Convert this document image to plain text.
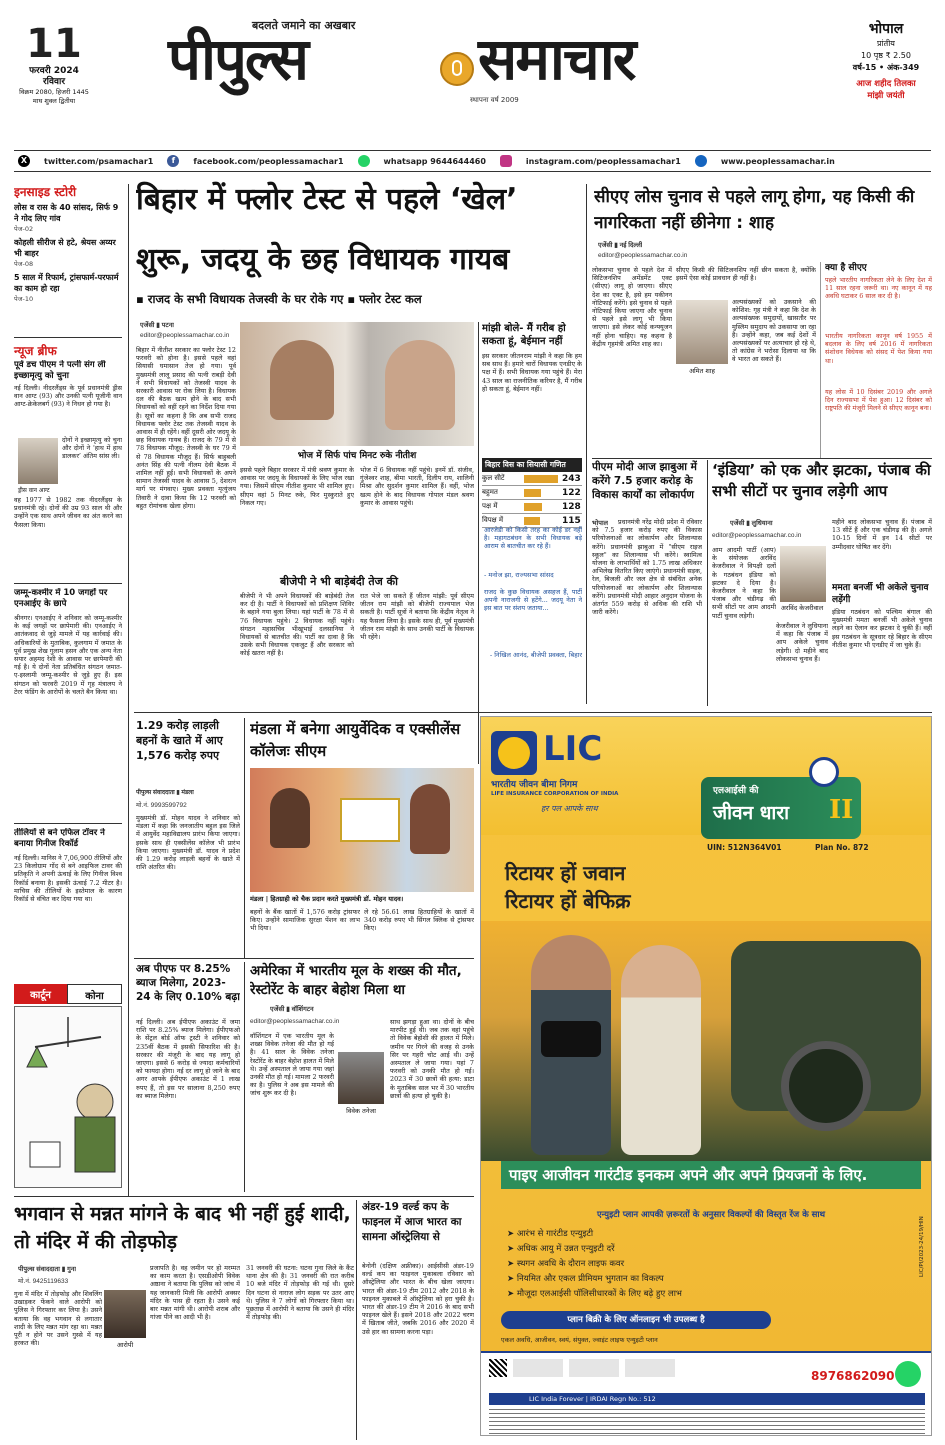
11
फरवरी 2024
रविवार
विक्रम 2080, हिजरी 1445
माघ शुक्ल द्वितीया
बदलते जमाने का अखबार
पीपुल्स	समाचार
स्थापना वर्ष 2009
भोपाल
प्रांतीय
10 पृष्ठ ₹ 2.50
वर्ष-15 • अंक-349
आज शहीद तिलका
मांझी जयंती
X	twitter.com/psamachar1	f	facebook.com/peoplessamachar1	whatsapp 9644644460	instagram.com/peoplessamachar1	www.peoplessamachar.in
इनसाइड स्टोरी
लोस व रास के 40 सांसद, सिर्फ 9 ने गोद लिए गांव
पेज-02
कोहली सीरीज से हटे, श्रेयस अय्यर भी बाहर
पेज-08
5 साल में रिफार्म, ट्रांसफार्म-परफार्म का काम हो रहा
पेज-10
न्यूज ब्रीफ
पूर्व डच पीएम ने पत्नी संग ली इच्छामृत्यु को चुना
ड्रीस वान आग्ट

नई दिल्ली। नीदरलैंड्स के पूर्व प्रधानमंत्री ड्रीस वान आग्ट (93) और उनकी पत्नी यूजीनी वान आग्ट-क्रेकेलबर्ग (93) ने निधन हो गया है।

दोनों ने इच्छामृत्यु को चुना और दोनों ने ‘हाथ में हाथ डालकर’ अंतिम सांस ली।

वह 1977 से 1982 तक नीदरलैंड्स के प्रधानमंत्री रहे। दोनों की उम्र 93 साल थी और उन्होंने एक साथ अपने जीवन का अंत करने का फैसला किया।

जम्मू-कश्मीर में 10 जगहों पर एनआईए के छापे

श्रीनगर। एनआईए ने शनिवार को जम्मू-कश्मीर के कई जगहों पर छापेमारी की। एनआईए ने आतंकवाद से जुड़े मामले में यह कार्रवाई की। अधिकारियों के मुताबिक, कुलगाम में जमात के पूर्व प्रमुख शेख गुलाम हसन और एक अन्य नेता सयार अहमद रेशी के आवास पर छापेमारी की गई है। ये दोनों नेता प्रतिबंधित संगठन जमात-ए-इस्लामी जम्मू-कश्मीर से जुड़े हुए हैं। इस संगठन को फरवरी 2019 में गृह मंत्रालय ने टेरर फंडिंग के आरोपों के चलते बैन किया था।

तीलियों से बने एफिल टॉवर ने बनाया गिनीज रिकॉर्ड

नई दिल्ली। मानिस ने 7,06,900 तीलियों और 23 किलोग्राम गोंद से बने आइफिल टावर की प्रतिकृति ने अपनी ऊंचाई के लिए गिनीज विश्व रिकॉर्ड बनाया है। इसकी ऊंचाई 7.2 मीटर है। माचिस की तीलियों के इस्तेमाल के कारण रिकॉर्ड से वंचित कर दिया गया था।

कार्टून	कोना
बिहार में फ्लोर टेस्ट से पहले ‘खेल’
शुरू, जदयू के छह विधायक गायब
▪ राजद के सभी विधायक तेजस्वी के घर रोके गए ▪ फ्लोर टेस्ट कल
एजेंसी ▮ पटना
editor@peoplessamachar.co.in

बिहार में नीतीश सरकार का फ्लोर टेस्ट 12 फरवरी को होना है। इससे पहले वहां सियासी घमासान तेज हो गया। पूर्व मुख्यमंत्री लालू प्रसाद की पत्नी राबड़ी देवी ने सभी विधायकों को तेजस्वी यादव के सरकारी आवास पर रोक लिया है। विधायक दल की बैठक खत्म होने के बाद सभी विधायकों को वहीं रहने का निर्देश दिया गया है। सूत्रों का कहना है कि अब सभी राजद विधायक फ्लोर टेस्ट तक तेजस्वी यादव के आवास में ही रहेंगे। वहीं दूसरी ओर जदयू के छह विधायक गायब हैं। राजद के 79 में से 78 विधायक मौजूद: तेजस्वी के घर 79 में से 78 विधायक मौजूद हैं। सिर्फ बाहुबली अनंत सिंह की पत्नी नीलम देवी बैठक में शामिल नहीं हुईं। सभी विधायकों के अपने सामान तेजस्वी यादव के आवास 5, देशरत्न मार्ग पर मंगवाए। मुख्य प्रवक्ता मृत्युंजय तिवारी ने दावा किया कि 12 फरवरी को बहुत रोमांचक खेला होगा।

भोज में सिर्फ पांच मिनट रुके नीतीश

इससे पहले बिहार सरकार में मंत्री श्रवण कुमार के आवास पर जदयू के विधायकों के लिए भोज रखा गया। जिसमें सीएम नीतीश कुमार भी शामिल हुए। सीएम वहां 5 मिनट रुके, फिर मुस्कुराते हुए निकल गए।

भोज में 6 विधायक नहीं पहुंचे। इनमें डॉ. संजीव, गुंजेश्वर शाह, बीमा भारती, दिलीप राय, शालिनी मिश्रा और सुदर्शन कुमार शामिल हैं। वहीं, भोज खत्म होने के बाद विधायक गोपाल मंडल श्रवण कुमार के आवास पहुंचे।

बीजेपी ने भी बाड़ेबंदी तेज की

बीजेपी ने भी अपने विधायकों की बाड़ेबंदी तेज कर दी है। पार्टी ने विधायकों को प्रशिक्षण शिविर के बहाने गया बुला लिया। यहां पार्टी के 78 में से 76 विधायक पहुंचे। 2 विधायक नहीं पहुंचे। संगठन महासचिव भीखूभाई दलसानिया ने विधायकों से बातचीत की। पार्टी का दावा है कि उसके सभी विधायक एकजुट हैं और सरकार को कोई खतरा नहीं है।

रात भेजे जा सकते हैं जीतन मांझी: पूर्व सीएम जीतन राम मांझी को बीजेपी राज्यपाल भेज सकती है। पार्टी सूत्रों ने बताया कि केंद्रीय नेतृत्व ने यह फैसला लिया है। इसके साथ ही, पूर्व मुख्यमंत्री जीतन राम मांझी के साथ उनकी पार्टी के विधायक भी रहेंगे।

मांझी बोले- मैं गरीब हो सकता हूं, बेईमान नहीं

इस सरकार जीतनराम मांझी ने कहा कि हम सब साथ हैं। हमारे चारों विधायक एनडीए के पक्ष में हैं। सभी विधायक गया पहुंचे हैं। मेरा 43 साल का राजनीतिक करियर है, मैं गरीब हो सकता हूं, बेईमान नहीं।

बिहार विस का सियासी गणित
कुल सीटें	243
बहुमत	122
पक्ष में	128
विपक्ष में	115

आरजेडी को किसी तरह का कोई डर नहीं है। महागठबंधन के सभी विधायक बड़े आराम से बातचीत कर रहे हैं।

- मनोज झा, राज्यसभा सांसद

राजद के कुछ विधायक असहज हैं, पार्टी अपनी नाराजगी से हटेंगे... जदयू नेता ने इस बात पर संशय जताया...

- निखिल आनंद, बीजेपी प्रवक्ता, बिहार
सीएए लोस चुनाव से पहले लागू होगा, यह किसी की नागरिकता नहीं छीनेगा : शाह
एजेंसी ▮ नई दिल्ली
editor@peoplessamachar.co.in

लोकसभा चुनाव से पहले देश में सिटिजनशिप अमेंडमेंट एक्ट (सीएए) लागू हो जाएगा। सीएए देश का एक्ट है, इसे हम यकीनन नोटिफाई करेंगे। इसे चुनाव से पहले नोटिफाई किया जाएगा और चुनाव से पहले इसे लागू भी किया जाएगा। इसे लेकर कोई कन्फ्यूजन नहीं होना चाहिए। यह कहना है केंद्रीय गृहमंत्री अमित शाह का।

अमित शाह

सीएए किसी की सिटिजनशिप नहीं छीन सकता है, क्योंकि इसमें ऐसा कोई प्रावधान ही नहीं है।

अल्पसंख्यकों को उकसाने की कोशिश: गृह मंत्री ने कहा कि देश के अल्पसंख्यक समुदायों, खासतौर पर मुस्लिम समुदाय को उकसाया जा रहा है। उन्होंने कहा, जब कई देशों में अल्पसंख्यकों पर अत्याचार हो रहे थे, तो कांग्रेस ने भरोसा दिलाया था कि वे भारत आ सकते हैं।

क्या है सीएए

पहले भारतीय नागरिकता लेने के लिए देश में 11 साल रहना जरूरी था। नए कानून में यह अवधि घटाकर 6 साल कर दी है।

भारतीय नागरिकता कानून वर्ष 1955 में बदलाव के लिए वर्ष 2016 में नागरिकता संशोधन विधेयक को संसद में पेश किया गया था।

यह लोस में 10 दिसंबर 2019 और अगले दिन राज्यसभा में पेश हुआ। 12 दिसंबर को राष्ट्रपति की मंजूरी मिलने से सीएए कानून बना।

पीएम मोदी आज झाबुआ में करेंगे 7.5 हजार करोड़ के विकास कार्यों का लोकार्पण
भोपाल	प्रधानमंत्री नरेंद्र मोदी प्रदेश में रविवार को 7.5 हजार करोड़ रुपए की विकास परियोजनाओं का लोकार्पण और शिलान्यास करेंगे। प्रधानमंत्री झाबुआ में "सीएम राइज स्कूल" का शिलान्यास भी करेंगे। स्वामित्व योजना के लाभार्थियों को 1.75 लाख अधिकार अभिलेख वितरित किए जाएंगे। प्रधानमंत्री सड़क, रेल, बिजली और जल क्षेत्र से संबंधित अनेक परियोजनाओं का लोकार्पण और शिलान्यास करेंगे। प्रधानमंत्री मोदी आहार अनुदान योजना के अंतर्गत 559 करोड़ से अधिक की राशि भी जारी करेंगे।

‘इंडिया’ को एक और झटका, पंजाब की सभी सीटों पर चुनाव लड़ेगी आप
एजेंसी ▮ लुधियाना
editor@peoplessamachar.co.in

आम आदमी पार्टी (आप) के संयोजक अरविंद केजरीवाल ने विपक्षी दलों के गठबंधन इंडिया को झटका दे दिया है। केजरीवाल ने कहा कि पंजाब और चंडीगढ़ की सभी सीटों पर आम आदमी पार्टी चुनाव लड़ेगी।

अरविंद केजरीवाल

केजरीवाल ने लुधियाना में कहा कि पंजाब में आप अकेले चुनाव लड़ेगी। दो महीने बाद लोकसभा चुनाव हैं।

महीने बाद लोकसभा चुनाव हैं। पंजाब में 13 सीटें हैं और एक चंडीगढ़ की है। अगले 10-15 दिनों में इन 14 सीटों पर उम्मीदवार घोषित कर देंगे।

ममता बनर्जी भी अकेले चुनाव लड़ेंगी

इंडिया गठबंधन को पश्चिम बंगाल की मुख्यमंत्री ममता बनर्जी भी अकेले चुनाव लड़ने का ऐलान कर झटका दे चुकी हैं। वहीं इस गठबंधन के सूत्रधार रहे बिहार के सीएम नीतीश कुमार भी एनडीए में जा चुके हैं।

1.29 करोड़ लाड़ली बहनों के खाते में आए 1,576 करोड़ रुपए
पीपुल्स संवाददाता ▮ मंडला
मो.नं. 9993599792

मुख्यमंत्री डॉ. मोहन यादव ने शनिवार को मंडला में कहा कि जनजातीय बहुल इस जिले में आयुर्वेद महाविद्यालय प्रारंभ किया जाएगा। इसके साथ ही एक्सीलेंस कॉलेज भी प्रारंभ किया जाएगा। मुख्यमंत्री डॉ. यादव ने प्रदेश की 1.29 करोड़ लाड़ली बहनों के खाते में राशि अंतरित की।

मंडला में बनेगा आयुर्वेदिक व एक्सीलेंस कॉलेजः सीएम
मंडला | हितग्राही को चैक प्रदान करते मुख्यमंत्री डॉ. मोहन यादव।

बहनों के बैंक खातों में 1,576 करोड़ ट्रांसफर किए। उन्होंने सामाजिक सुरक्षा पेंशन का लाभ भी दिया।

ले रहे 56.61 लाख हितग्राहियों के खातों में 340 करोड़ रुपए भी सिंगल क्लिक से ट्रांसफर किए।

अब पीएफ पर 8.25% ब्याज मिलेगा, 2023-24 के लिए 0.10% बढ़ा

नई दिल्ली। अब ईपीएफ अकाउंट में जमा राशि पर 8.25% ब्याज मिलेगा। ईपीएफओ के सेंट्रल बोर्ड ऑफ ट्रस्टी ने शनिवार को 235वीं बैठक में इसकी सिफारिश की है। सरकार की मंजूरी के बाद यह लागू हो जाएगा। इससे 6 करोड़ से ज्यादा कर्मचारियों को फायदा होगा। नई दर लागू हो जाने के बाद अगर आपके ईपीएफ अकाउंट में 1 लाख रुपए हैं, तो इस पर सालाना 8,250 रुपए का ब्याज मिलेगा।

अमेरिका में भारतीय मूल के शख्स की मौत, रेस्टोरेंट के बाहर बेहोश मिला था
एजेंसी ▮ वॉशिंगटन
editor@peoplessamachar.co.in

वॉशिंगटन में एक भारतीय मूल के शख्स विवेक तनेजा की मौत हो गई है। 41 साल के विवेक तनेजा रेस्टोरेंट के बाहर बेहोश हालत में मिले थे। उन्हें अस्पताल ले जाया गया जहां उनकी मौत हो गई। मामला 2 फरवरी का है। पुलिस ने अब इस मामले की जांच शुरू कर दी है।

विवेक तनेजा

साथ झगड़ा हुआ था। दोनों के बीच मारपीट हुई थी। जब तक वहां पहुंचे तो विवेक बेहोशी की हालत में मिले। जमीन पर गिरने की वजह से उनके सिर पर गहरी चोट आई थी। उन्हें अस्पताल ले जाया गया। यहां 7 फरवरी को उनकी मौत हो गई। 2023 में 30 छात्रों की हत्या: डाटा के मुताबिक साल भर में 30 भारतीय छात्रों की हत्या हो चुकी है।

भगवान से मन्नत मांगने के बाद भी नहीं हुई शादी, तो मंदिर में की तोड़फोड़
पीपुल्स संवाददाता ▮ गुना
मो.नं. 9425119633

गुना में मंदिर में तोड़फोड़ और शिवलिंग उखाड़कर फेंकने वाले आरोपी को पुलिस ने गिरफ्तार कर लिया है। उसने बताया कि वह भगवान से लगातार शादी के लिए मन्नत मांग रहा था। मन्नत पूरी न होने पर उसने गुस्से में यह हरकत की।	आरोपी

प्रजापति है। वह जमीन पर हो मरम्मत का काम करता है। एसडीओपी विवेक अष्ठाना ने बताया कि पुलिस को जांच में यह जानकारी मिली कि आरोपी अक्सर मंदिर के पास ही रहता है। उसने कई बार मन्नत मांगी थी। आरोपी शराब और गांजा पीने का आदी भी है।

31 जनवरी की घटना: घटना गुना जिले के कैंट थाना क्षेत्र की है। 31 जनवरी की रात करीब 10 बजे मंदिर में तोड़फोड़ की गई थी। दूसरे दिन घटना से नाराज लोग सड़क पर उतर आए थे। पुलिस ने 7 लोगों को गिरफ्तार किया था। पूछताछ में आरोपी ने बताया कि उसने ही मंदिर में तोड़फोड़ की।

अंडर-19 वर्ल्ड कप के फाइनल में आज भारत का सामना ऑस्ट्रेलिया से

बेनोनी (दक्षिण अफ्रीका)। आईसीसी अंडर-19 वर्ल्ड कप का फाइनल मुकाबला रविवार को ऑस्ट्रेलिया और भारत के बीच खेला जाएगा। भारत की अंडर-19 टीम 2012 और 2018 के फाइनल मुकाबले में ऑस्ट्रेलिया को हरा चुकी है। भारत की अंडर-19 टीम ने 2016 के बाद सभी फाइनल खेले हैं। इसने 2018 और 2022 चरण में खिताब जीते, जबकि 2016 और 2020 में उसे हार का सामना करना पड़ा।

LIC
भारतीय जीवन बीमा निगम
LIFE INSURANCE CORPORATION OF INDIA
हर पल आपके साथ
एलआईसी की
जीवन धारा II
UIN: 512N364V01	Plan No. 872
रिटायर हों जवान
रिटायर हों बेफिक्र
पाइए आजीवन गारंटीड इनकम अपने और अपने प्रियजनों के लिए.
एन्युइटी प्लान आपकी ज़रूरतों के अनुसार विकल्पों की विस्तृत रेंज के साथ
➤ आरंभ से गारंटीड एन्युइटी
➤ अधिक आयु में उन्नत एन्युइटी दरें
➤ स्थगन अवधि के दौरान लाइफ कवर
➤ नियमित और एकल प्रीमियम भुगतान का विकल्प
➤ मौजूदा एलआईसी पॉलिसीधारकों के लिए बढ़े हुए लाभ
प्लान बिक्री के लिए ऑनलाइन भी उपलब्ध है
एकल अवधि, आजीवन, स्वयं, संयुक्त, ज्वाइंट लाइफ एन्युइटी प्लान
8976862090
LIC India Forever | IRDAI Regn No.: 512
LIC/PI/2023-24/19/HIN
